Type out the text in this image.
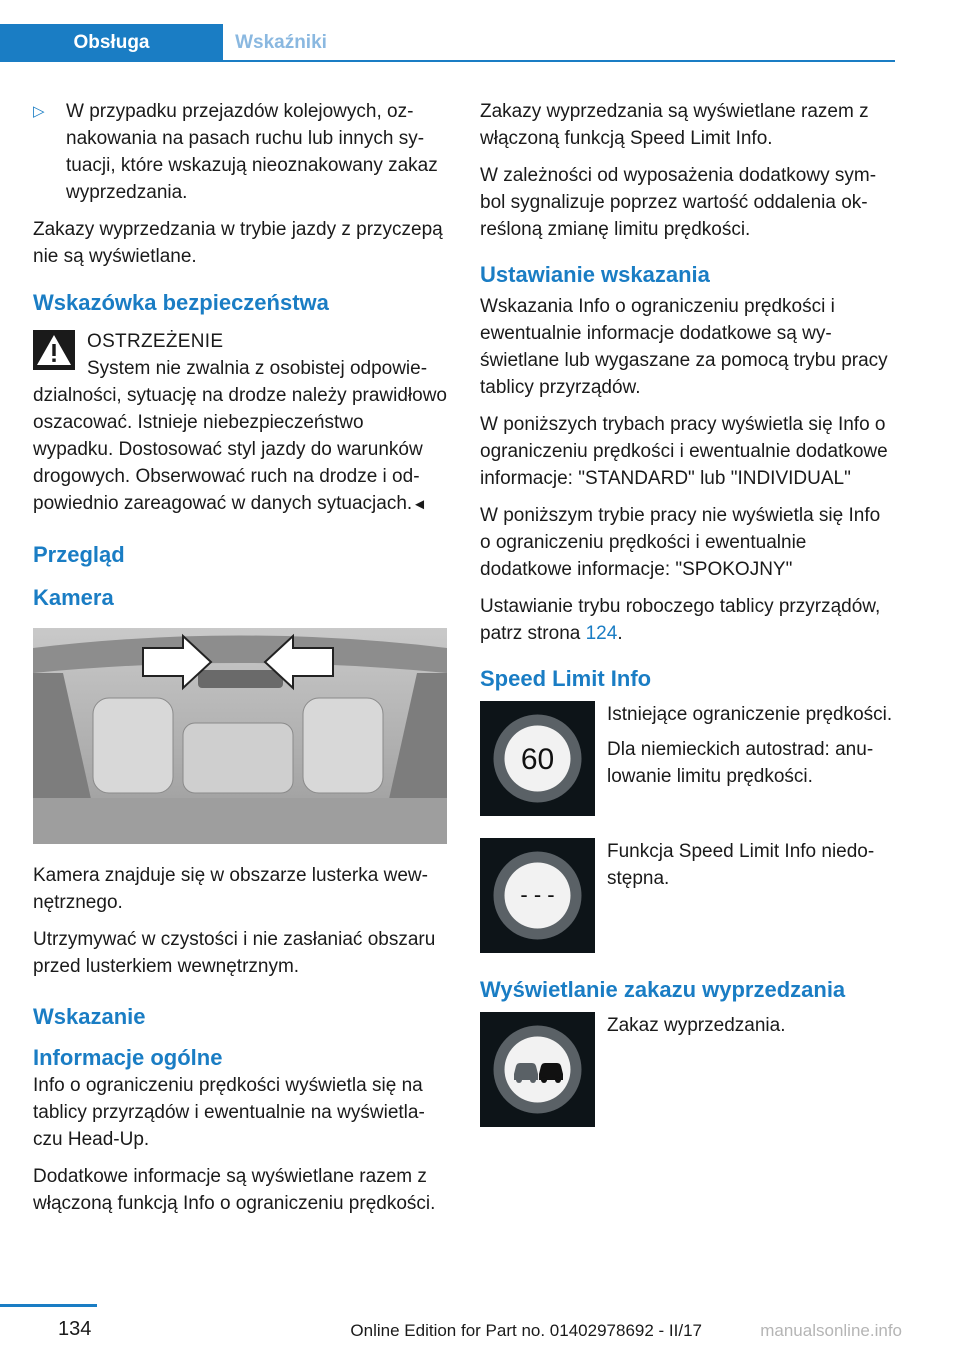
Obsługa	Wskaźniki
▷ W przypadku przejazdów kolejowych, oznakowania na pasach ruchu lub innych sytuacji, które wskazują nieoznakowany zakaz wyprzedzania.

Zakazy wyprzedzania w trybie jazdy z przyczepą nie są wyświetlane.

Wskazówka bezpieczeństwa
OSTRZEŻENIE

System nie zwalnia z osobistej odpowiedzialności, sytuację na drodze należy prawidłowo oszacować. Istnieje niebezpieczeństwo wypadku. Dostosować styl jazdy do warunków drogowych. Obserwować ruch na drodze i odpowiednio zareagować w danych sytuacjach.◄

Przegląd
Kamera

Kamera znajduje się w obszarze lusterka wewnętrznego.

Utrzymywać w czystości i nie zasłaniać obszaru przed lusterkiem wewnętrznym.

Wskazanie
Informacje ogólne

Info o ograniczeniu prędkości wyświetla się na tablicy przyrządów i ewentualnie na wyświetlaczu Head-Up.

Dodatkowe informacje są wyświetlane razem z włączoną funkcją Info o ograniczeniu prędkości.

Zakazy wyprzedzania są wyświetlane razem z włączoną funkcją Speed Limit Info.

W zależności od wyposażenia dodatkowy symbol sygnalizuje poprzez wartość oddalenia określoną zmianę limitu prędkości.

Ustawianie wskazania

Wskazania Info o ograniczeniu prędkości i ewentualnie informacje dodatkowe są wyświetlane lub wygaszane za pomocą trybu pracy tablicy przyrządów.

W poniższych trybach pracy wyświetla się Info o ograniczeniu prędkości i ewentualnie dodatkowe informacje: "STANDARD" lub "INDIVIDUAL"

W poniższym trybie pracy nie wyświetla się Info o ograniczeniu prędkości i ewentualnie dodatkowe informacje: "SPOKOJNY"

Ustawianie trybu roboczego tablicy przyrządów, patrz strona 124.

Speed Limit Info
60

Istniejące ograniczenie prędkości.

Dla niemieckich autostrad: anulowanie limitu prędkości.

- - -

Funkcja Speed Limit Info niedostępna.

Wyświetlanie zakazu wyprzedzania

Zakaz wyprzedzania.

134	Online Edition for Part no. 01402978692 - II/17	manualsonline.info
